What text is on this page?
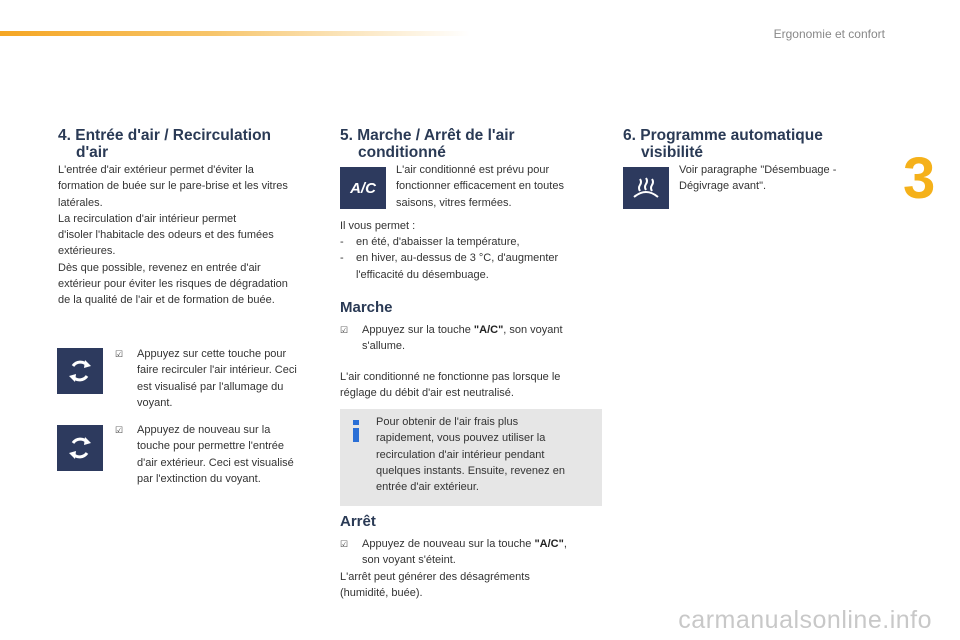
Ergonomie et confort
3
4. Entrée d'air / Recirculation
d'air
L'entrée d'air extérieur permet d'éviter la
formation de buée sur le pare-brise et les vitres
latérales.
La recirculation d'air intérieur permet
d'isoler l'habitacle des odeurs et des fumées
extérieures.
Dès que possible, revenez en entrée d'air
extérieur pour éviter les risques de dégradation
de la qualité de l'air et de formation de buée.
☑ Appuyez sur cette touche pour
faire recirculer l'air intérieur. Ceci
est visualisé par l'allumage du
voyant.
☑ Appuyez de nouveau sur la
touche pour permettre l'entrée
d'air extérieur. Ceci est visualisé
par l'extinction du voyant.
5. Marche / Arrêt de l'air
conditionné
A/C
L'air conditionné est prévu pour
fonctionner efficacement en toutes
saisons, vitres fermées.
Il vous permet :
- en été, d'abaisser la température,
- en hiver, au-dessus de 3 °C, d'augmenter
l'efficacité du désembuage.
Marche
☑ Appuyez sur la touche "A/C", son voyant
s'allume.
L'air conditionné ne fonctionne pas lorsque le
réglage du débit d'air est neutralisé.
Pour obtenir de l'air frais plus
rapidement, vous pouvez utiliser la
recirculation d'air intérieur pendant
quelques instants. Ensuite, revenez en
entrée d'air extérieur.
Arrêt
☑ Appuyez de nouveau sur la touche "A/C",
son voyant s'éteint.
L'arrêt peut générer des désagréments
(humidité, buée).
6. Programme automatique
visibilité
Voir paragraphe "Désembuage -
Dégivrage avant".
carmanualsonline.info
